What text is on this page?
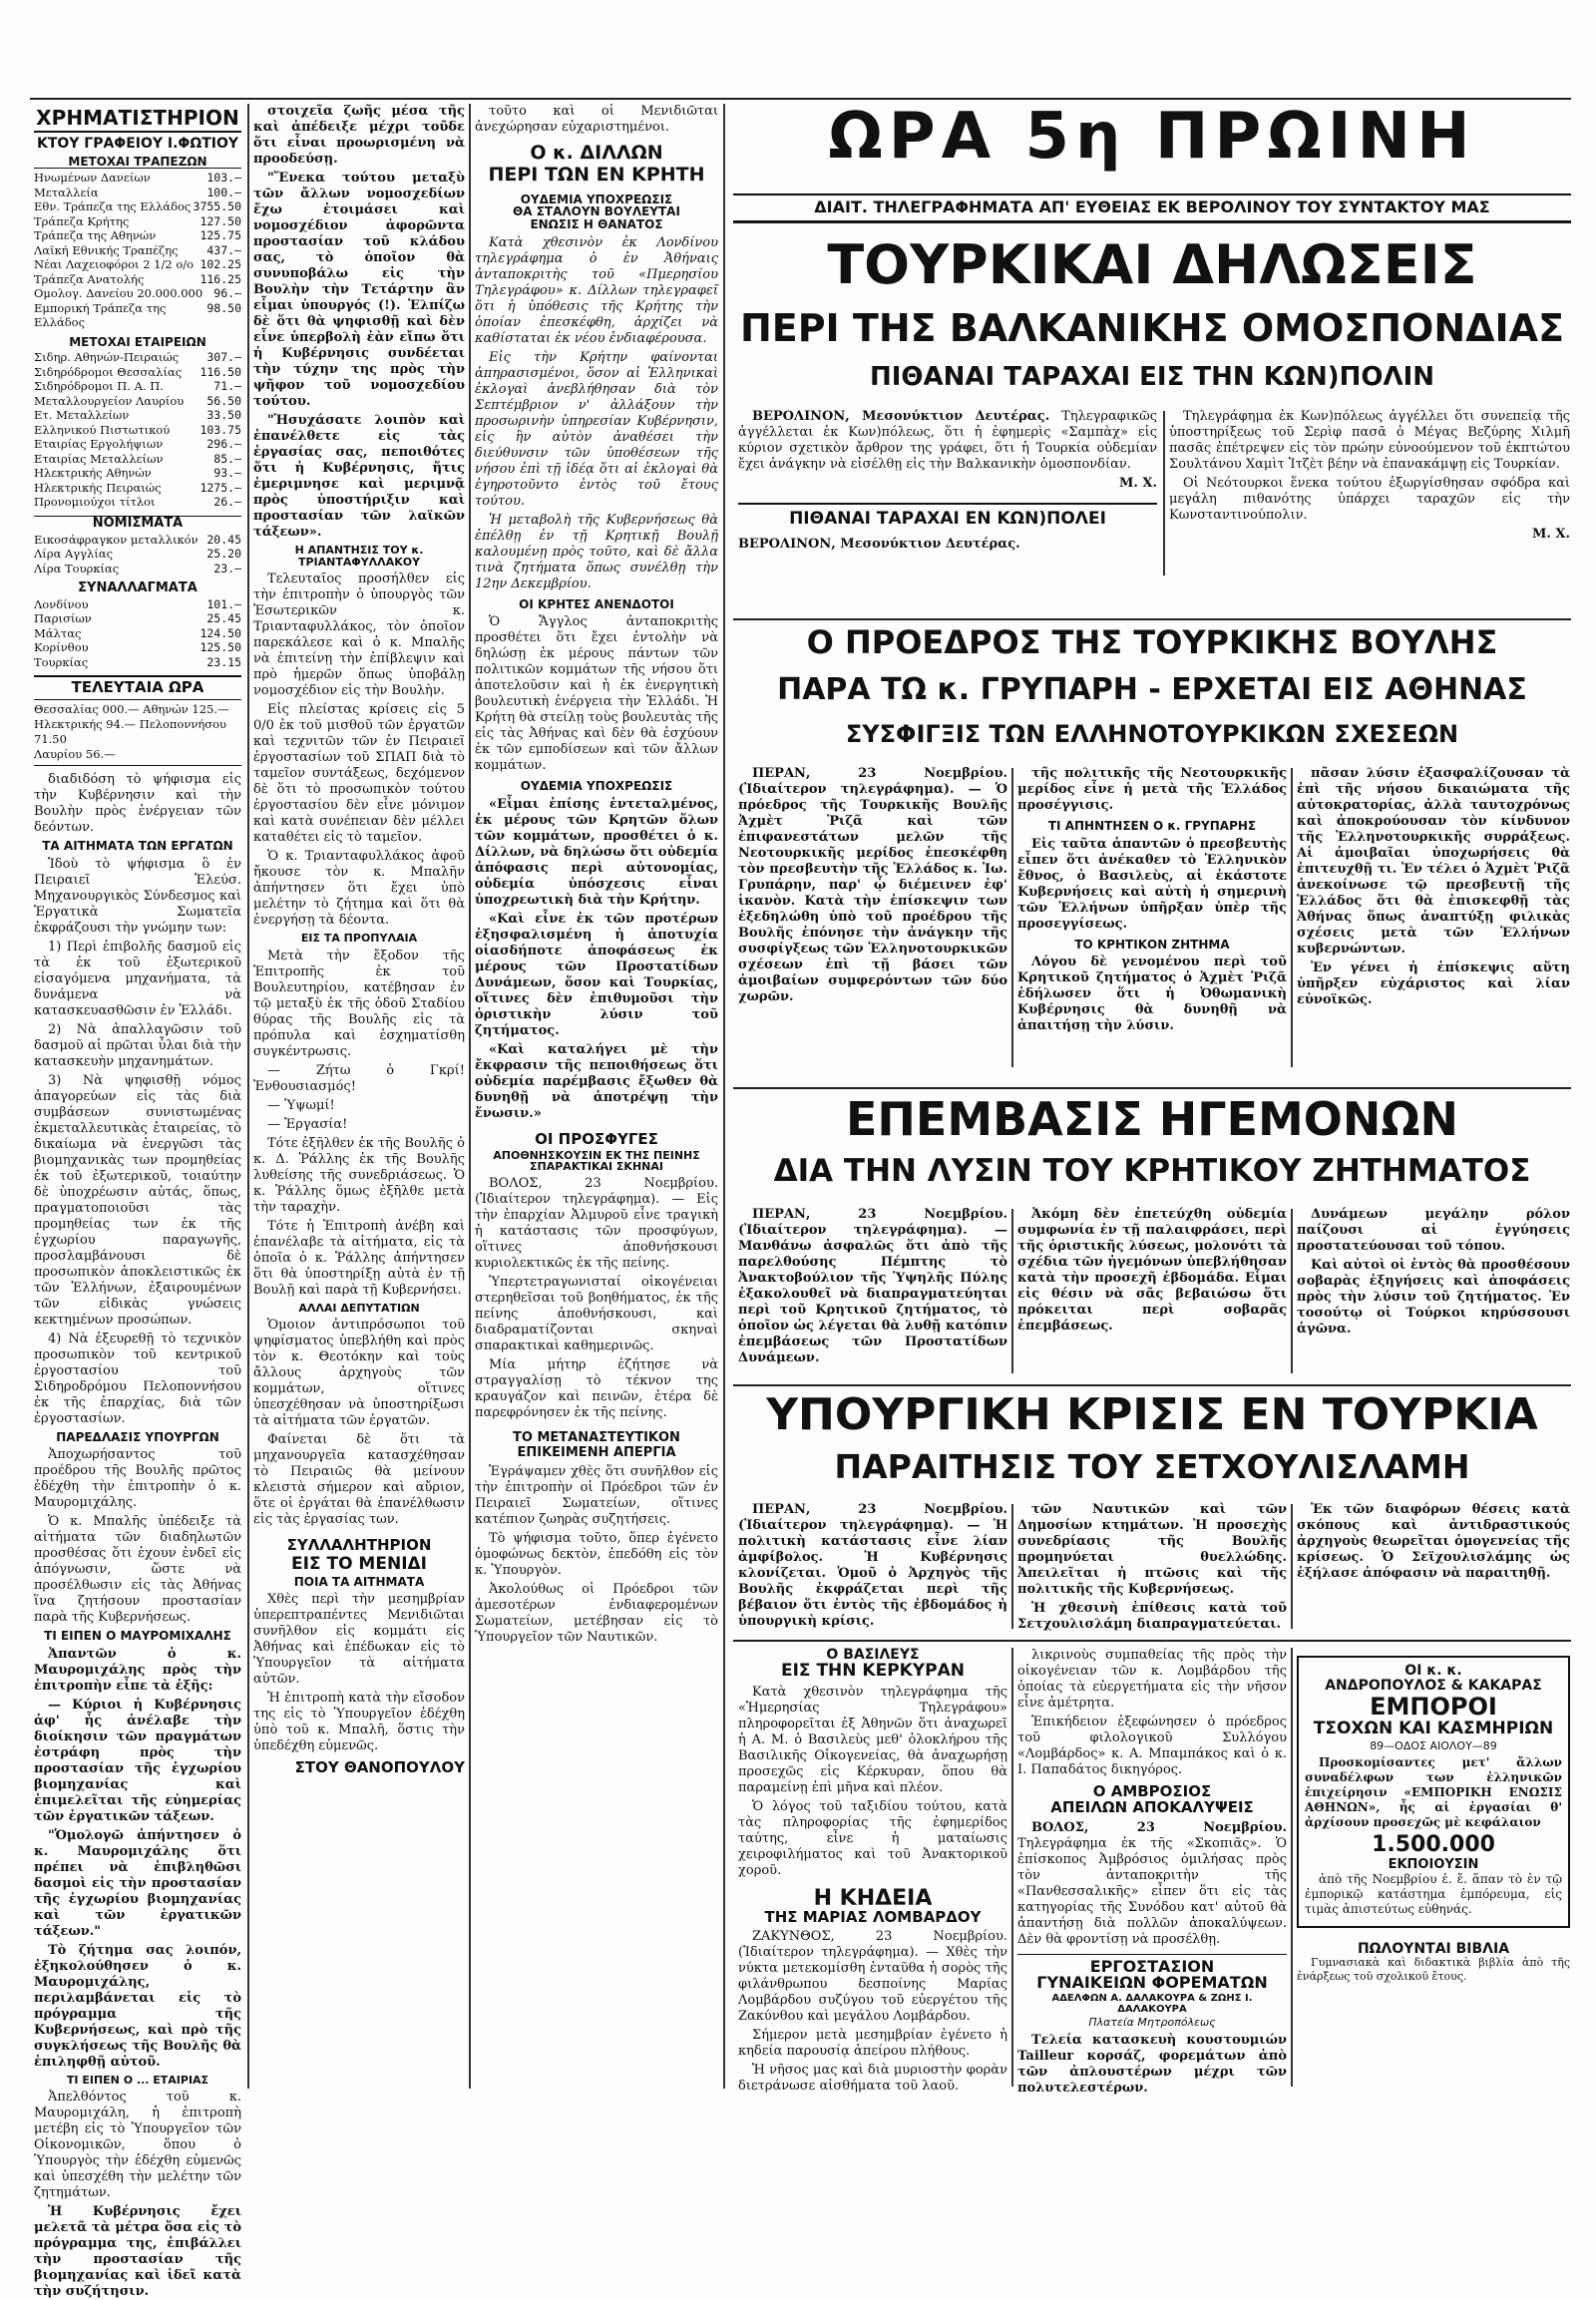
ΧΡΗΜΑΤΙΣΤΗΡΙΟΝ
ΚΤΟΥ ΓΡΑΦΕΙΟΥ Ι.ΦΩΤΙΟΥ
ΜΕΤΟΧΑΙ ΤΡΑΠΕΖΩΝ
Ηνωμένων Δανείων	103.—
Μεταλλεία	100.—
Εθν. Τράπεζα της Ελλάδος 3755.50
Τράπεζα Κρήτης	127.50
Τράπεζα της Αθηνών	125.75
Λαϊκή Εθνικής Τραπέζης	437.—
Νέαι Λαχειοφόροι 2 1/2 ο/ο 102.25
Τράπεζα Ανατολής	116.25
Ομολογ. Δανείου 20.000.000 96.—
Εμπορική Τράπεζα της Ελλάδος
98.50
ΜΕΤΟΧΑΙ ΕΤΑΙΡΕΙΩΝ
Σιδηρ. Αθηνών-Πειραιώς 307.—
Σιδηρόδρομοι Θεσσαλίας 116.50
Σιδηρόδρομοι Π. Α. Π.	71.—
Μεταλλουργείον Λαυρίου 56.50
Ετ. Μεταλλείων	33.50
Ελληνικού Πιστωτικού	103.75
Εταιρίας Εργολήψιων	296.—
Εταιρίας Μεταλλείων	85.—
Ηλεκτρικής Αθηνών	93.—
Ηλεκτρικής Πειραιώς	1275.—
Προνομιούχοι τίτλοι	26.—
ΝΟΜΙΣΜΑΤΑ
Εικοσάφραγκον μεταλλικόν 20.45
Λίρα Αγγλίας	25.20
Λίρα Τουρκίας	23.—
ΣΥΝΑΛΛΑΓΜΑΤΑ
Λονδίνου	101.—
Παρισίων	25.45
Μάλτας	124.50
Κορίνθου	125.50
Τουρκίας	23.15
ΤΕΛΕΥΤΑΙΑ ΩΡΑ
Θεσσαλίας 000.— Αθηνών 125.—
Ηλεκτρικής 94.— Πελοποννήσου 71.50
Λαυρίου 56.—

διαδιδόση τὸ ψήφισμα εἰς τὴν Κυβέρνησιν καὶ τὴν Βουλὴν πρὸς ἐνέργειαν τῶν δεόντων.

ΤΑ ΑΙΤΗΜΑΤΑ ΤΩΝ ΕΡΓΑΤΩΝ

Ἰδοὺ τὸ ψήφισμα ὃ ἐν Πειραιεῖ Ἐλεύσ. Μηχανουργικὸς Σύνδεσμος καὶ Ἐργατικὰ Σωματεῖα ἐκφράζουσι τὴν γνώμην των:

1) Περὶ ἐπιβολῆς δασμοῦ εἰς τὰ ἐκ τοῦ ἐξωτερικοῦ εἰσαγόμενα μηχανήματα, τὰ δυνάμενα νὰ κατασκευασθῶσιν ἐν Ἑλλάδι.

2) Νὰ ἀπαλλαγῶσιν τοῦ δασμοῦ αἱ πρῶται ὗλαι διὰ τὴν κατασκευὴν μηχανημάτων.

3) Νὰ ψηφισθῇ νόμος ἀπαγορεύων εἰς τὰς διὰ συμβάσεων συνιστωμένας ἐκμεταλλευτικὰς ἑταιρείας, τὸ δικαίωμα νὰ ἐνεργῶσι τὰς βιομηχανικὰς των προμηθείας ἐκ τοῦ ἐξωτερικοῦ, τοιαύτην δὲ ὑποχρέωσιν αὐτάς, ὅπως, πραγματοποιοῦσι τὰς προμηθείας των ἐκ τῆς ἐγχωρίου παραγωγῆς, προσλαμβάνουσι δὲ προσωπικὸν ἀποκλειστικῶς ἐκ τῶν Ἑλλήνων, ἐξαιρουμένων τῶν εἰδικὰς γνώσεις κεκτημένων προσώπων.

4) Νὰ ἐξευρεθῇ τὸ τεχνικὸν προσωπικὸν τοῦ κεντρικοῦ ἐργοστασίου τοῦ Σιδηροδρόμου Πελοποννήσου ἐκ τῆς ἐπαρχίας, διὰ τῶν ἐργοστασίων.

ΠΑΡΕΔΛΑΣΙΣ ΥΠΟΥΡΓΩΝ

Ἀποχωρήσαντος τοῦ προέδρου τῆς Βουλῆς πρῶτος ἐδέχθη τὴν ἐπιτροπὴν ὁ κ. Μαυρομιχάλης.

Ὁ κ. Μπαλῆς ὑπέδειξε τὰ αἰτήματα τῶν διαδηλωτῶν προσθέσας ὅτι ἐχουν ἐνδεῖ εἰς ἀπόγνωσιν, ὥστε νὰ προσέλθωσιν εἰς τὰς Ἀθήνας ἵνα ζητήσουν προστασίαν παρὰ τῆς Κυβερνήσεως.

ΤΙ ΕΙΠΕΝ Ο ΜΑΥΡΟΜΙΧΑΛΗΣ

Ἀπαντῶν ὁ κ. Μαυρομιχάλης πρὸς τὴν ἐπιτροπὴν εἶπε τὰ ἑξῆς:

— Κύριοι ἡ Κυβέρνησις ἀφ' ἧς ἀνέλαβε τὴν διοίκησιν τῶν πραγμάτων ἐστράφη πρὸς τὴν προστασίαν τῆς ἐγχωρίου βιομηχανίας καὶ ἐπιμελεῖται τῆς εὐημερίας τῶν ἐργατικῶν τάξεων.

"Ὁμολογῶ ἀπήντησεν ὁ κ. Μαυρομιχάλης ὅτι πρέπει νὰ ἐπιβληθῶσι δασμοὶ εἰς τὴν προστασίαν τῆς ἐγχωρίου βιομηχανίας καὶ τῶν ἐργατικῶν τάξεων."

Τὸ ζήτημα σας λοιπόν, ἐξηκολούθησεν ὁ κ. Μαυρομιχάλης, περιλαμβάνεται εἰς τὸ πρόγραμμα τῆς Κυβερνήσεως, καὶ πρὸ τῆς συγκλήσεως τῆς Βουλῆς θὰ ἐπιληφθῇ αὐτοῦ.

ΤΙ ΕΙΠΕΝ Ο ... ΕΤΑΙΡΙΑΣ

Ἀπελθόντος τοῦ κ. Μαυρομιχάλη, ἡ ἐπιτροπὴ μετέβη εἰς τὸ Ὑπουργεῖον τῶν Οἰκονομικῶν, ὅπου ὁ Ὑπουργὸς τὴν ἐδέχθη εὐμενῶς καὶ ὑπεσχέθη τὴν μελέτην τῶν ζητημάτων.

Ἡ Κυβέρνησις ἔχει μελετᾶ τὰ μέτρα ὅσα εἰς τὸ πρόγραμμα της, ἐπιβάλλει τὴν προστασίαν τῆς βιομηχανίας καὶ ἰδεῖ κατὰ τὴν συζήτησιν.

στοιχεῖα ζωῆς μέσα τῆς καὶ ἀπέδειξε μέχρι τοῦδε ὅτι εἶναι προωρισμένη νὰ προοδεύσῃ.

"Ἕνεκα τούτου μεταξὺ τῶν ἄλλων νομοσχεδίων ἔχω ἑτοιμάσει καὶ νομοσχέδιον ἀφορῶντα προστασίαν τοῦ κλάδου σας, τὸ ὁποῖον θὰ συνυποβάλω εἰς τὴν Βουλὴν τὴν Τετάρτην ἂν εἶμαι ὑπουργός (!). Ἐλπίζω δὲ ὅτι θὰ ψηφισθῇ καὶ δὲν εἶνε ὑπερβολὴ ἐὰν εἴπω ὅτι ἡ Κυβέρνησις συνδέεται τὴν τύχην της πρὸς τὴν ψῆφον τοῦ νομοσχεδίου τούτου.

"Ἡσυχάσατε λοιπὸν καὶ ἐπανέλθετε εἰς τὰς ἐργασίας σας, πεποιθότες ὅτι ἡ Κυβέρνησις, ἥτις ἐμεριμνησε καὶ μεριμνᾷ πρὸς ὑποστήριξιν καὶ προστασίαν τῶν λαϊκῶν τάξεων».

Η ΑΠΑΝΤΗΣΙΣ ΤΟΥ κ. ΤΡΙΑΝΤΑΦΥΛΛΑΚΟΥ

Τελευταῖος προσήλθεν εἰς τὴν ἐπιτροπὴν ὁ ὑπουργὸς τῶν Ἐσωτερικῶν κ. Τριανταφυλλάκος, τὸν ὁποῖον παρεκάλεσε καὶ ὁ κ. Μπαλῆς νὰ ἐπιτείνῃ τὴν ἐπίβλεψιν καὶ πρὸ ἡμερῶν ὅπως ὑποβάλῃ νομοσχέδιον εἰς τὴν Βουλὴν.

Εἰς πλείστας κρίσεις εἰς 5 0/0 ἐκ τοῦ μισθοῦ τῶν ἐργατῶν καὶ τεχνιτῶν τῶν ἐν Πειραιεῖ ἐργοστασίων τοῦ ΣΠΑΠ διὰ τὸ ταμεῖον συντάξεως, δεχόμενον δὲ ὅτι τὸ προσωπικὸν τούτου ἐργοστασίου δὲν εἶνε μόνιμον καὶ κατὰ συνέπειαν δὲν μέλλει καταθέτει εἰς τὸ ταμεῖον.

Ὁ κ. Τριανταφυλλάκος ἀφοῦ ἤκουσε τὸν κ. Μπαλῆν ἀπήντησεν ὅτι ἔχει ὑπὸ μελέτην τὸ ζήτημα καὶ ὅτι θὰ ἐνεργήσῃ τὰ δέοντα.

ΕΙΣ ΤΑ ΠΡΟΠΥΛΑΙΑ

Μετὰ τὴν ἔξοδον τῆς Ἐπιτροπῆς ἐκ τοῦ Βουλευτηρίου, κατέβησαν ἐν τῷ μεταξὺ ἐκ τῆς ὁδοῦ Σταδίου θύρας τῆς Βουλῆς εἰς τὰ πρόπυλα καὶ ἐσχηματίσθη συγκέντρωσις.

— Ζήτω ὁ Γκρί! Ἐνθουσιασμός!

— Ὑψωμί!

— Ἐργασία!

Τότε ἐξῆλθεν ἐκ τῆς Βουλῆς ὁ κ. Δ. Ῥάλλης ἐκ τῆς Βουλῆς λυθείσης τῆς συνεδριάσεως. Ὁ κ. Ῥάλλης ὅμως ἐξῆλθε μετὰ τὴν ταραχὴν.

Τότε ἡ Ἐπιτροπὴ ἀνέβη καὶ ἐπανέλαβε τὰ αἰτήματα, εἰς τὰ ὁποῖα ὁ κ. Ῥάλλης ἀπήντησεν ὅτι θὰ ὑποστηρίξῃ αὐτὰ ἐν τῇ Βουλῇ καὶ παρὰ τῇ Κυβερνήσει.

ΑΛΛΑΙ ΔΕΠΥΤΑΤΙΩΝ

Ὁμοιον ἀντιπρόσωποι τοῦ ψηφίσματος ὑπεβλήθη καὶ πρὸς τὸν κ. Θεοτόκην καὶ τοὺς ἄλλους ἀρχηγοὺς τῶν κομμάτων, οἵτινες ὑπεσχέθησαν νὰ ὑποστηρίξωσι τὰ αἰτήματα τῶν ἐργατῶν.

Φαίνεται δὲ ὅτι τὰ μηχανουργεῖα κατασχέθησαν τὸ Πειραιῶς θὰ μείνουν κλειστὰ σήμερον καὶ αὔριον, ὅτε οἱ ἐργάται θὰ ἐπανέλθωσιν εἰς τὰς ἐργασίας των.

ΣΥΛΛΑΛΗΤΗΡΙΟΝ
ΕΙΣ ΤΟ ΜΕΝΙΔΙ
ΠΟΙΑ ΤΑ ΑΙΤΗΜΑΤΑ

Χθὲς περὶ τὴν μεσημβρίαν ὑπερεπτραπέντες Μενιδιῶται συνῆλθον εἰς κομμάτι εἰς Ἀθήνας καὶ ἐπέδωκαν εἰς τὸ Ὑπουργεῖον τὰ αἰτήματα αὐτῶν.

Ἡ ἐπιτροπὴ κατὰ τὴν εἴσοδον της εἰς τὸ Ὑπουργεῖον ἐδέχθη ὑπὸ τοῦ κ. Μπαλῆ, ὅστις τὴν ὑπεδέχθη εὐμενῶς.

ΣΤΟΥ ΘΑΝΟΠΟΥΛΟΥ

τοῦτο καὶ οἱ Μενιδιῶται ἀνεχώρησαν εὐχαριστημένοι.

Ο κ. ΔΙΛΛΩΝ
ΠΕΡΙ ΤΩΝ ΕΝ ΚΡΗΤΗ
ΟΥΔΕΜΙΑ ΥΠΟΧΡΕΩΣΙΣ
ΘΑ ΣΤΑΛΟΥΝ ΒΟΥΛΕΥΤΑΙ
ΕΝΩΣΙΣ Η ΘΑΝΑΤΟΣ

Κατὰ χθεσινὸν ἐκ Λονδίνου τηλεγράφημα ὁ ἐν Ἀθήναις ἀνταποκριτὴς τοῦ «Πμερησίου Τηλεγράφου» κ. Δίλλων τηλεγραφεῖ ὅτι ἡ ὑπόθεσις τῆς Κρήτης τὴν ὁποίαν ἐπεσκέφθη, ἀρχίζει νὰ καθίσταται ἐκ νέου ἐνδιαφέρουσα.

Εἰς τὴν Κρήτην φαίνονται ἀπηρασισμένοι, ὅσον αἱ Ἑλληνικαὶ ἐκλογαὶ ἀνεβλήθησαν διὰ τὸν Σεπτέμβριον ν' ἀλλάξουν τὴν προσωρινὴν ὑπηρεσίαν Κυβέρνησιν, εἰς ἣν αὐτὸν ἀναθέσει τὴν διεύθυνσιν τῶν ὑποθέσεων τῆς νήσου ἐπὶ τῇ ἰδέᾳ ὅτι αἱ ἐκλογαὶ θὰ ἐγηροτοῦντο ἐντὸς τοῦ ἔτους τούτου.

Ἡ μεταβολὴ τῆς Κυβερνήσεως θὰ ἐπέλθῃ ἐν τῇ Κρητικῇ Βουλῇ καλουμένῃ πρὸς τοῦτο, καὶ δὲ ἄλλα τινὰ ζητήματα ὅπως συνέλθῃ τὴν 12ην Δεκεμβρίου.

ΟΙ ΚΡΗΤΕΣ ΑΝΕΝΔΟΤΟΙ

Ὁ Ἄγγλος ἀνταποκριτὴς προσθέτει ὅτι ἔχει ἐντολὴν νὰ δηλώσῃ ἐκ μέρους πάντων τῶν πολιτικῶν κομμάτων τῆς νήσου ὅτι ἀποτελοῦσιν καὶ ἡ ἐκ ἐνεργητικὴ βουλευτικὴ ἐνέργεια τὴν Ἑλλάδι. Ἡ Κρήτη θὰ στείλῃ τοὺς βουλευτὰς τῆς εἰς τὰς Ἀθήνας καὶ δὲν θὰ ἐσχύουν ἐκ τῶν εμποδίσεων καὶ τῶν ἄλλων κομμάτων.

ΟΥΔΕΜΙΑ ΥΠΟΧΡΕΩΣΙΣ

«Εἶμαι ἐπίσης ἐντεταλμένος, ἐκ μέρους τῶν Κρητῶν ὅλων τῶν κομμάτων, προσθέτει ὁ κ. Δίλλων, νὰ δηλώσω ὅτι οὐδεμία ἀπόφασις περὶ αὐτονομίας, οὐδεμία ὑπόσχεσις εἶναι ὑποχρεωτικὴ διὰ τὴν Κρήτην.

«Καὶ εἶνε ἐκ τῶν προτέρων ἐξησφαλισμένη ἡ ἀποτυχία οἱασδήποτε ἀποφάσεως ἐκ μέρους τῶν Προστατίδων Δυνάμεων, ὅσον καὶ Τουρκίας, οἵτινες δὲν ἐπιθυμοῦσι τὴν ὁριστικὴν λύσιν τοῦ ζητήματος.

«Καὶ καταλήγει μὲ τὴν ἔκφρασιν τῆς πεποιθήσεως ὅτι οὐδεμία παρέμβασις ἔξωθεν θὰ δυνηθῇ νὰ ἀποτρέψῃ τὴν ἕνωσιν.»

ΟΙ ΠΡΟΣΦΥΓΕΣ
ΑΠΟΘΝΗΣΚΟΥΣΙΝ ΕΚ ΤΗΣ ΠΕΙΝΗΣ
ΣΠΑΡΑΚΤΙΚΑΙ ΣΚΗΝΑΙ

ΒΟΛΟΣ, 23 Νοεμβρίου. (Ἰδιαίτερον τηλεγράφημα). — Εἰς τὴν ἐπαρχίαν Ἀλμυροῦ εἶνε τραγικὴ ἡ κατάστασις τῶν προσφύγων, οἵτινες ἀποθνήσκουσι κυριολεκτικῶς ἐκ τῆς πείνης.

Ὑπερτετραγωνισταί οἰκογένειαι στερηθεῖσαι τοῦ βοηθήματος, ἐκ τῆς πείνης ἀποθνήσκουσι, καὶ διαδραματίζονται σκηναὶ σπαρακτικαὶ καθημερινῶς.

Μία μήτηρ ἐζήτησε νὰ στραγγαλίσῃ τὸ τέκνον της κραυγάζον καὶ πεινῶν, ἐτέρα δὲ παρεφρόνησεν ἐκ τῆς πείνης.

ΤΟ ΜΕΤΑΝΑΣΤΕΥΤΙΚΟΝ
ΕΠΙΚΕΙΜΕΝΗ ΑΠΕΡΓΙΑ

Ἐγράψαμεν χθὲς ὅτι συνῆλθον εἰς τὴν ἐπιτροπὴν οἱ Πρόεδροι τῶν ἐν Πειραιεῖ Σωματείων, οἵτινες κατέπιον ζωηρὰς συζητήσεις.

Τὸ ψήφισμα τοῦτο, ὅπερ ἐγένετο ὁμοφώνως δεκτὸν, ἐπεδόθη εἰς τὸν κ. Ὑπουργὸν.

Ἀκολούθως οἱ Πρόεδροι τῶν ἀμεσοτέρων ἐνδιαφερομένων Σωματείων, μετέβησαν εἰς τὸ Ὑπουργεῖον τῶν Ναυτικῶν.

ΩΡΑ 5η ΠΡΩΙΝΗ
ΔΙΑΙΤ. ΤΗΛΕΓΡΑΦΗΜΑΤΑ ΑΠ' ΕΥΘΕΙΑΣ ΕΚ ΒΕΡΟΛΙΝΟΥ ΤΟΥ ΣΥΝΤΑΚΤΟΥ ΜΑΣ
ΤΟΥΡΚΙΚΑΙ ΔΗΛΩΣΕΙΣ
ΠΕΡΙ ΤΗΣ ΒΑΛΚΑΝΙΚΗΣ ΟΜΟΣΠΟΝΔΙΑΣ
ΠΙΘΑΝΑΙ ΤΑΡΑΧΑΙ ΕΙΣ ΤΗΝ ΚΩΝ)ΠΟΛΙΝ

ΒΕΡΟΛΙΝΟΝ, Μεσονύκτιον Δευτέρας. Τηλεγραφικῶς ἀγγέλλεται ἐκ Κων)πόλεως, ὅτι ἡ ἐφημερὶς «Σαμπὰχ» εἰς κύριον σχετικὸν ἄρθρον της γράφει, ὅτι ἡ Τουρκία οὐδεμίαν ἔχει ἀνάγκην νὰ εἰσέλθῃ εἰς τὴν Βαλκανικὴν ὁμοσπονδίαν.

Μ. Χ.
ΠΙΘΑΝΑΙ ΤΑΡΑΧΑΙ ΕΝ ΚΩΝ)ΠΟΛΕΙ
ΒΕΡΟΛΙΝΟΝ, Μεσονύκτιον Δευτέρας.

Τηλεγράφημα ἐκ Κων)πόλεως ἀγγέλλει ὅτι συνεπείᾳ τῆς ὑποστηρίξεως τοῦ Σερὶφ πασᾶ ὁ Μέγας Βεζύρης Χιλμῆ πασᾶς ἐπέτρεψεν εἰς τὸν πρώην εὐνοούμενον τοῦ ἐκπτώτου Σουλτάνου Χαμὶτ Ἰτζὲτ βέην νὰ ἐπανακάμψῃ εἰς Τουρκίαν.

Οἱ Νεότουρκοι ἕνεκα τούτου ἐξωργίσθησαν σφόδρα καὶ μεγάλη πιθανότης ὑπάρχει ταραχῶν εἰς τὴν Κωνσταντινούπολιν.

Μ. Χ.
Ο ΠΡΟΕΔΡΟΣ ΤΗΣ ΤΟΥΡΚΙΚΗΣ ΒΟΥΛΗΣ
ΠΑΡΑ ΤΩ κ. ΓΡΥΠΑΡΗ - ΕΡΧΕΤΑΙ ΕΙΣ ΑΘΗΝΑΣ
ΣΥΣΦΙΓΞΙΣ ΤΩΝ ΕΛΛΗΝΟΤΟΥΡΚΙΚΩΝ ΣΧΕΣΕΩΝ

ΠΕΡΑΝ, 23 Νοεμβρίου. (Ἰδιαίτερον τηλεγράφημα). — Ὁ πρόεδρος τῆς Τουρκικῆς Βουλῆς Ἀχμὲτ Ῥιζᾶ καὶ τῶν ἐπιφανεστάτων μελῶν τῆς Νεοτουρκικῆς μερίδος ἐπεσκέφθη τὸν πρεσβευτὴν τῆς Ἑλλάδος κ. Ἰω. Γρυπάρην, παρ' ᾧ διέμεινεν ἐφ' ἱκανὸν. Κατὰ τὴν ἐπίσκεψιν των ἐξεδηλώθη ὑπὸ τοῦ προέδρου τῆς Βουλῆς ἐπόνησε τὴν ἀνάγκην τῆς συσφίγξεως τῶν Ἑλληνοτουρκικῶν σχέσεων ἐπὶ τῇ βάσει τῶν ἀμοιβαίων συμφερόντων τῶν δύο χωρῶν.

τῆς πολιτικῆς τῆς Νεοτουρκικῆς μερίδος εἶνε ἡ μετὰ τῆς Ἑλλάδος προσέγγισις.

ΤΙ ΑΠΗΝΤΗΣΕΝ Ο κ. ΓΡΥΠΑΡΗΣ

Εἰς ταῦτα ἀπαντῶν ὁ πρεσβευτὴς εἶπεν ὅτι ἀνέκαθεν τὸ Ἑλληνικὸν ἔθνος, ὁ Βασιλεὺς, αἱ ἑκάστοτε Κυβερνήσεις καὶ αὐτὴ ἡ σημερινὴ τῶν Ἑλλήνων ὑπῆρξαν ὑπὲρ τῆς προσεγγίσεως.

ΤΟ ΚΡΗΤΙΚΟΝ ΖΗΤΗΜΑ

Λόγου δὲ γενομένου περὶ τοῦ Κρητικοῦ ζητήματος ὁ Ἀχμὲτ Ῥιζᾶ ἐδήλωσεν ὅτι ἡ Ὀθωμανικὴ Κυβέρνησις θὰ δυνηθῇ νὰ ἀπαιτήσῃ τὴν λύσιν.

πᾶσαν λύσιν ἐξασφαλίζουσαν τὰ ἐπὶ τῆς νήσου δικαιώματα τῆς αὐτοκρατορίας, ἀλλὰ ταυτοχρόνως καὶ ἀποκρούουσαν τὸν κίνδυνον τῆς Ἑλληνοτουρκικῆς συρράξεως. Αἱ ἀμοιβαῖαι ὑποχωρήσεις θὰ ἐπιτευχθῇ τι. Ἐν τέλει ὁ Ἀχμὲτ Ῥιζᾶ ἀνεκοίνωσε τῷ πρεσβευτῇ τῆς Ἑλλάδος ὅτι θὰ ἐπισκεφθῇ τὰς Ἀθήνας ὅπως ἀναπτύξῃ φιλικὰς σχέσεις μετὰ τῶν Ἑλλήνων κυβερνώντων.

Ἐν γένει ἡ ἐπίσκεψις αὕτη ὑπῆρξεν εὐχάριστος καὶ λίαν εὐνοϊκῶς.

ΕΠΕΜΒΑΣΙΣ ΗΓΕΜΟΝΩΝ
ΔΙΑ ΤΗΝ ΛΥΣΙΝ ΤΟΥ ΚΡΗΤΙΚΟΥ ΖΗΤΗΜΑΤΟΣ

ΠΕΡΑΝ, 23 Νοεμβρίου. (Ἰδιαίτερον τηλεγράφημα). — Μανθάνω ἀσφαλῶς ὅτι ἀπὸ τῆς παρελθούσης Πέμπτης τὸ Ἀνακτοβούλιον τῆς Ὑψηλῆς Πύλης ἐξακολουθεῖ νὰ διαπραγματεύηται περὶ τοῦ Κρητικοῦ ζητήματος, τὸ ὁποῖον ὡς λέγεται θὰ λυθῇ κατόπιν ἐπεμβάσεως τῶν Προστατίδων Δυνάμεων.

Ἀκόμη δὲν ἐπετεύχθη οὐδεμία συμφωνία ἐν τῇ παλαιφράσει, περὶ τῆς ὁριστικῆς λύσεως, μολονότι τὰ σχέδια τῶν ἡγεμόνων ὑπεβλήθησαν κατὰ τὴν προσεχῆ ἑβδομάδα. Εἶμαι εἰς θέσιν νὰ σᾶς βεβαιώσω ὅτι πρόκειται περὶ σοβαρᾶς ἐπεμβάσεως.

Δυνάμεων μεγάλην ρόλον παίζουσι αἱ ἐγγύησεις προστατεύουσαι τοῦ τόπου.

Καὶ αὐτοὶ οἱ ἐντὸς θὰ προσθέσουν σοβαρὰς ἐξηγήσεις καὶ ἀποφάσεις πρὸς τὴν λύσιν τοῦ ζητήματος. Ἐν τοσούτῳ οἱ Τούρκοι κηρύσσουσι ἀγῶνα.

ΥΠΟΥΡΓΙΚΗ ΚΡΙΣΙΣ ΕΝ ΤΟΥΡΚΙΑ
ΠΑΡΑΙΤΗΣΙΣ ΤΟΥ ΣΕΤΧΟΥΛΙΣΛΑΜΗ

ΠΕΡΑΝ, 23 Νοεμβρίου. (Ἰδιαίτερον τηλεγράφημα). — Ἡ πολιτικὴ κατάστασις εἶνε λίαν ἀμφίβολος. Ἡ Κυβέρνησις κλονίζεται. Ὁμοῦ ὁ Ἀρχηγὸς τῆς Βουλῆς ἐκφράζεται περὶ τῆς βέβαιον ὅτι ἐντὸς τῆς ἑβδομάδος ἡ ὑπουργικὴ κρίσις.

τῶν Ναυτικῶν καὶ τῶν Δημοσίων κτημάτων. Ἡ προσεχὴς συνεδρίασις τῆς Βουλῆς προμηνύεται θυελλώδης. Ἀπειλεῖται ἡ πτῶσις καὶ τῆς πολιτικῆς τῆς Κυβερνήσεως.

Ἡ χθεσινὴ ἐπίθεσις κατὰ τοῦ Σετχουλισλάμη διαπραγματεύεται.

Ἐκ τῶν διαφόρων θέσεις κατὰ σκόπους καὶ ἀντιδραστικούς ἀρχηγοὺς θεωρεῖται ὁμογενείας τῆς κρίσεως. Ὁ Σεϊχουλισλάμης ὡς ἐξήλασε ἀπόφασιν νὰ παραιτηθῇ.

Ο ΒΑΣΙΛΕΥΣ
ΕΙΣ ΤΗΝ ΚΕΡΚΥΡΑΝ

Κατὰ χθεσινὸν τηλεγράφημα τῆς «Ἡμερησίας Τηλεγράφου» πληροφορεῖται ἐξ Ἀθηνῶν ὅτι ἀναχωρεῖ ἡ Α. Μ. ὁ Βασιλεὺς μεθ' ὁλοκλήρου τῆς Βασιλικῆς Οἰκογενείας, θὰ ἀναχωρήσῃ προσεχῶς εἰς Κέρκυραν, ὅπου θὰ παραμείνῃ ἐπὶ μῆνα καὶ πλέον.

Ὁ λόγος τοῦ ταξιδίου τούτου, κατὰ τὰς πληροφορίας τῆς ἐφημερίδος ταύτης, εἶνε ἡ ματαίωσις χειροφιλήματος καὶ τοῦ Ἀνακτορικοῦ χοροῦ.

Η ΚΗΔΕΙΑ
ΤΗΣ ΜΑΡΙΑΣ ΛΟΜΒΑΡΔΟΥ

ΖΑΚΥΝΘΟΣ, 23 Νοεμβρίου. (Ἰδιαίτερον τηλεγράφημα). — Χθὲς τὴν νύκτα μετεκομίσθη ἐνταῦθα ἡ σορὸς τῆς φιλάνθρωπου δεσποίνης Μαρίας Λομβάρδου συζύγου τοῦ εὐεργέτου τῆς Ζακύνθου καὶ μεγάλου Λομβάρδου.

Σήμερον μετὰ μεσημβρίαν ἐγένετο ἡ κηδεία παρουσίᾳ ἀπείρου πλήθους.

Ἡ νῆσος μας καὶ διὰ μυριοστὴν φορὰν διετράνωσε αἰσθήματα τοῦ λαοῦ.

λικρινοὺς συμπαθείας τῆς πρὸς τὴν οἰκογένειαν τῶν κ. Λομβάρδου τῆς ὁποίας τὰ εὐεργετήματα εἰς τὴν νῆσον εἶνε ἀμέτρητα.

Ἐπικήδειον ἐξεφώνησεν ὁ πρόεδρος τοῦ φιλολογικοῦ Συλλόγου «Λομβάρδος» κ. Α. Μπαμπάκος καὶ ὁ κ. Ι. Παπαδάτος δικηγόρος.

Ο ΑΜΒΡΟΣΙΟΣ
ΑΠΕΙΛΩΝ ΑΠΟΚΑΛΥΨΕΙΣ

ΒΟΛΟΣ, 23 Νοεμβρίου. Τηλεγράφημα ἐκ τῆς «Σκοπιᾶς». Ὁ ἐπίσκοπος Ἀμβρόσιος ὁμιλήσας πρὸς τὸν ἀνταποκριτὴν τῆς «Πανθεσσαλικῆς» εἶπεν ὅτι εἰς τὰς κατηγορίας τῆς Συνόδου κατ' αὐτοῦ θὰ ἀπαντήσῃ διὰ πολλῶν ἀποκαλύψεων. Δὲν θὰ φροντίσῃ νὰ προσέλθῃ.

ΕΡΓΟΣΤΑΣΙΟΝ
ΓΥΝΑΙΚΕΙΩΝ ΦΟΡΕΜΑΤΩΝ
ΑΔΕΛΦΩΝ Α. ΔΑΛΑΚΟΥΡΑ & ΖΩΗΣ Ι. ΔΑΛΑΚΟΥΡΑ
Πλατεία Μητροπόλεως

Τελεία κατασκευὴ κουστουμιών Tailleur κορσάζ, φορεμάτων ἀπὸ τῶν ἀπλουστέρων μέχρι τῶν πολυτελεστέρων.

ΟΙ κ. κ.
ΑΝΔΡΟΠΟΥΛΟΣ & ΚΑΚΑΡΑΣ
ΕΜΠΟΡΟΙ
ΤΣΟΧΩΝ ΚΑΙ ΚΑΣΜΗΡΙΩΝ
89—ΟΔΟΣ ΑΙΟΛΟΥ—89

Προσκομίσαντες μετ' ἄλλων συναδέλφων των ἐλληνικῶν ἐπιχείρησιν «ΕΜΠΟΡΙΚΗ ΕΝΩΣΙΣ ΑΘΗΝΩΝ», ἧς αἱ ἐργασίαι θ' ἀρχίσουν προσεχῶς μὲ κεφάλαιον

1.500.000
ΕΚΠΟΙΟΥΣΙΝ

ἀπὸ τῆς Νοεμβρίου ἐ. ἔ. ἅπαν τὸ ἐν τῷ ἐμπορικῷ κατάστημα ἐμπόρευμα, εἰς τιμὰς ἀπιστεύτως εὐθηνάς.

ΠΩΛΟΥΝΤΑΙ ΒΙΒΛΙΑ

Γυμνασιακὰ καὶ διδακτικὰ βιβλία ἀπὸ τῆς ἐνάρξεως τοῦ σχολικοῦ ἔτους.
